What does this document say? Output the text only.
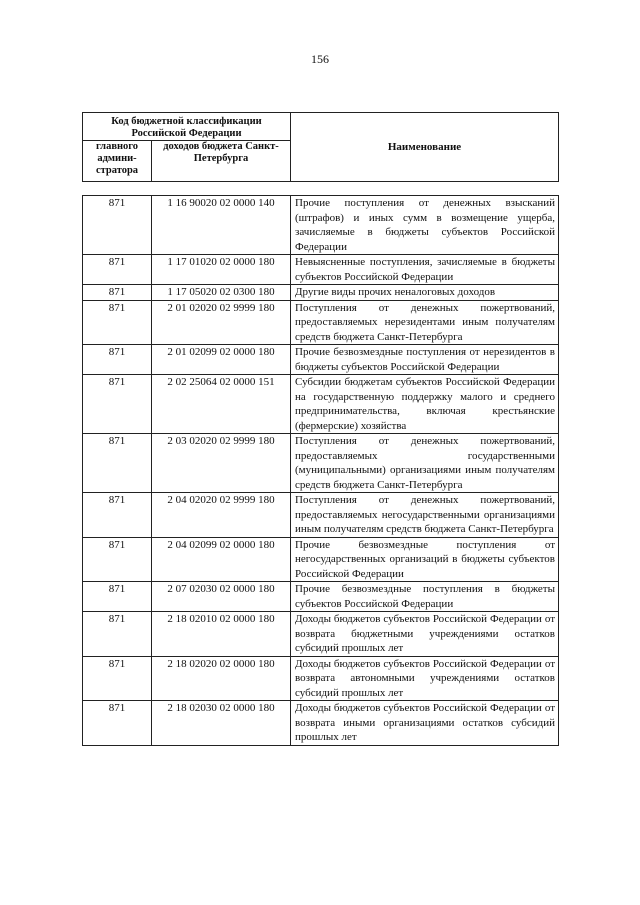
156
Код бюджетной классификации Российской Федерации		Наименование
главного админи-стратора	доходов бюджета Санкт-Петербурга	
871	1 16 90020 02 0000 140	Прочие поступления от денежных взысканий (штрафов) и иных сумм в возмещение ущерба, зачисляемые в бюджеты субъектов Российской Федерации
871	1 17 01020 02 0000 180	Невыясненные поступления, зачисляемые в бюджеты субъектов Российской Федерации
871	1 17 05020 02 0300 180	Другие виды прочих неналоговых доходов
871	2 01 02020 02 9999 180	Поступления от денежных пожертвований, предоставляемых нерезидентами иным получателям средств бюджета Санкт-Петербурга
871	2 01 02099 02 0000 180	Прочие безвозмездные поступления от нерезидентов в бюджеты субъектов Российской Федерации
871	2 02 25064 02 0000 151	Субсидии бюджетам субъектов Российской Федерации на государственную поддержку малого и среднего предпринимательства, включая крестьянские (фермерские) хозяйства
871	2 03 02020 02 9999 180	Поступления от денежных пожертвований, предоставляемых государственными (муниципальными) организациями иным получателям средств бюджета Санкт-Петербурга
871	2 04 02020 02 9999 180	Поступления от денежных пожертвований, предоставляемых негосударственными организациями иным получателям средств бюджета Санкт-Петербурга
871	2 04 02099 02 0000 180	Прочие безвозмездные поступления от негосударственных организаций в бюджеты субъектов Российской Федерации
871	2 07 02030 02 0000 180	Прочие безвозмездные поступления в бюджеты субъектов Российской Федерации
871	2 18 02010 02 0000 180	Доходы бюджетов субъектов Российской Федерации от возврата бюджетными учреждениями остатков субсидий прошлых лет
871	2 18 02020 02 0000 180	Доходы бюджетов субъектов Российской Федерации от возврата автономными учреждениями остатков субсидий прошлых лет
871	2 18 02030 02 0000 180	Доходы бюджетов субъектов Российской Федерации от возврата иными организациями остатков субсидий прошлых лет
